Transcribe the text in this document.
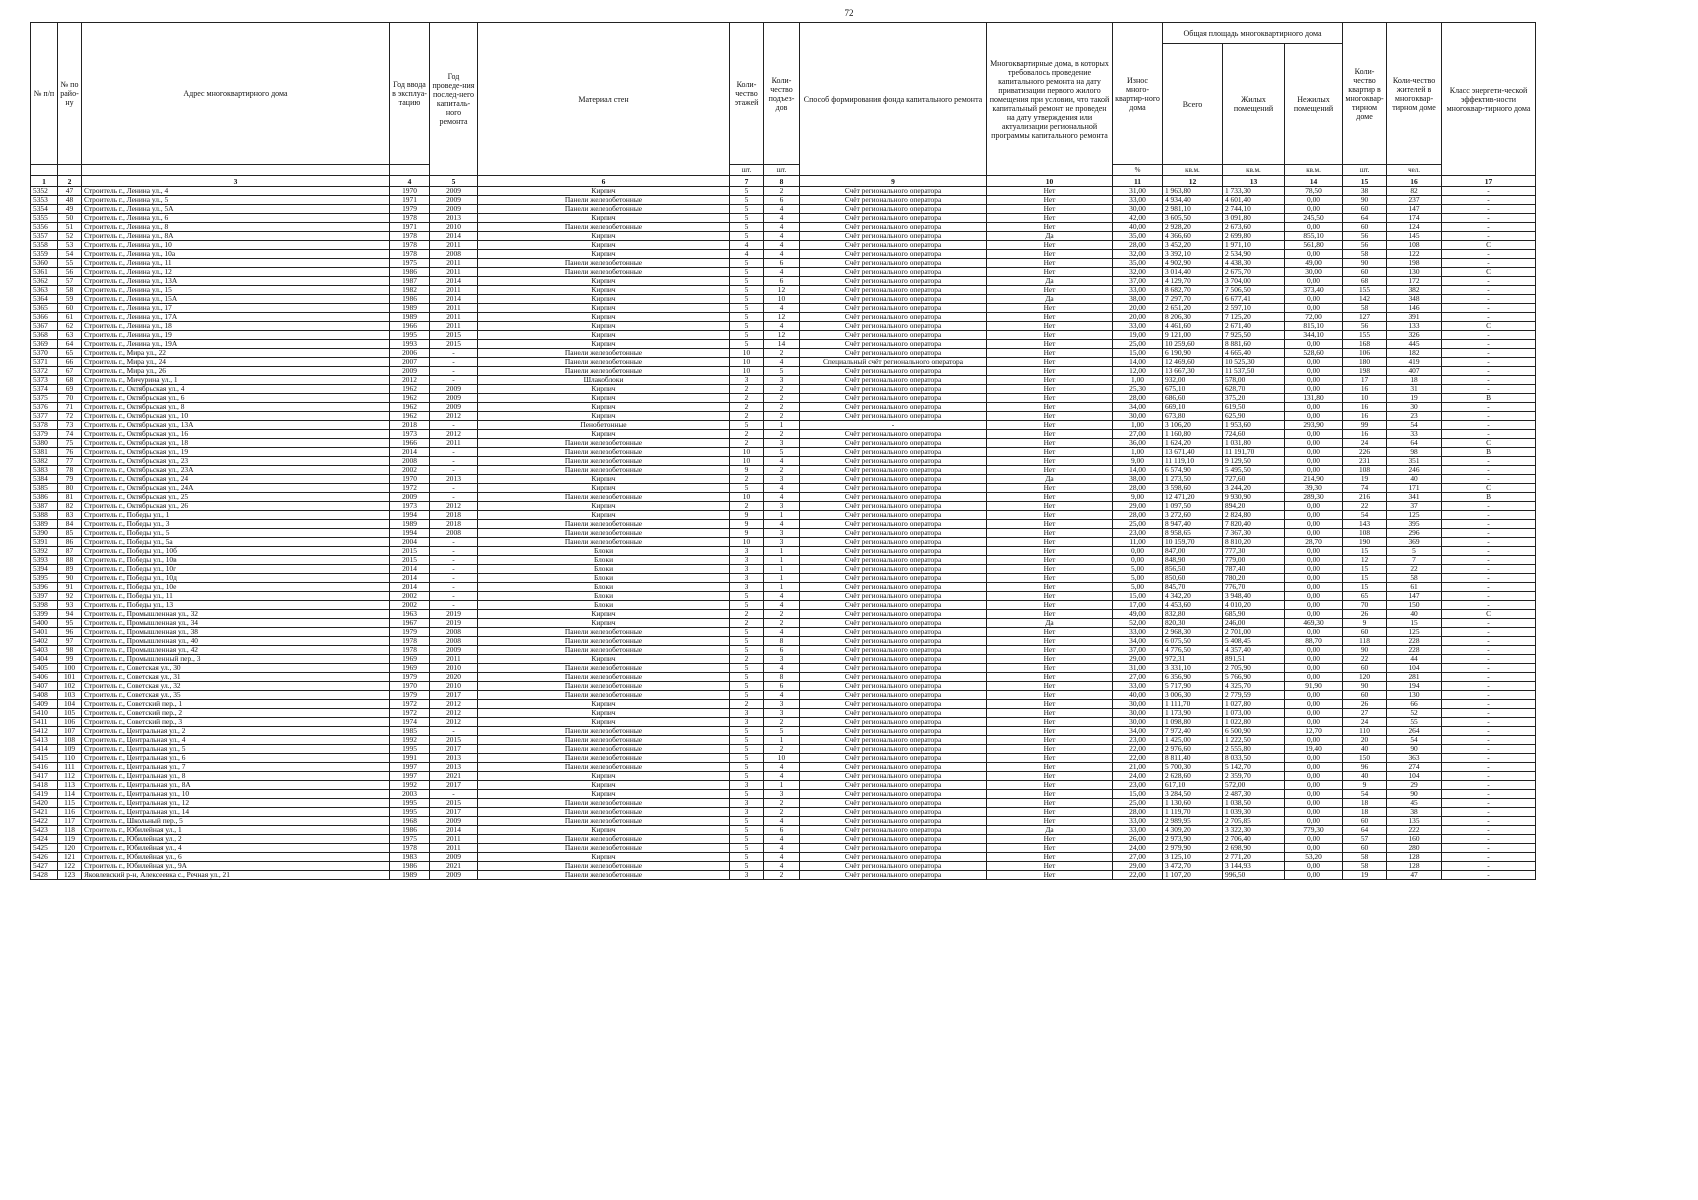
72
№ п/п	№ по райо-ну	Адрес многоквартирного дома	Год ввода в эксплуа-тацию	Год проведе-ния послед-него капиталь-ного ремонта	Материал стен	Коли-чество этажей	Коли-чество подъез-дов	Способ формирования фонда капитального ремонта	Многоквартирные дома, в которых требовалось проведение капитального ремонта на дату приватизации первого жилого помещения при условии, что такой капитальный ремонт не проведен на дату утверждения или актуализации региональной программы капитального ремонта	Износ много-квартир-ного дома	Общая площадь многоквартирного дома			Коли-чество квартир в многоквар-тирном доме	Коли-чество жителей в многоквар-тирном доме	Класс энергети-ческой эффектив-ности многоквар-тирного дома
											Всего	Жилых помещений	Нежилых помещений			
						шт.	шт.			%	кв.м.	кв.м.	кв.м.	шт.	чел.	
1	2	3	4	5	6	7	8	9	10	11	12	13	14	15	16	17
5352	47	Строитель г., Ленина ул., 4	1970	2009	Кирпич	5	2	Счёт регионального оператора	Нет	31,00	1 963,80	1 733,30	78,50	38	82	-
5353	48	Строитель г., Ленина ул., 5	1971	2009	Панели железобетонные	5	6	Счёт регионального оператора	Нет	33,00	4 934,40	4 601,40	0,00	90	237	-
5354	49	Строитель г., Ленина ул., 5А	1979	2009	Панели железобетонные	5	4	Счёт регионального оператора	Нет	30,00	2 981,10	2 744,10	0,00	60	147	-
5355	50	Строитель г., Ленина ул., 6	1978	2013	Кирпич	5	4	Счёт регионального оператора	Нет	42,00	3 605,50	3 091,80	245,50	64	174	-
5356	51	Строитель г., Ленина ул., 8	1971	2010	Панели железобетонные	5	4	Счёт регионального оператора	Нет	40,00	2 928,20	2 673,60	0,00	60	124	-
5357	52	Строитель г., Ленина ул., 8А	1978	2014	Кирпич	5	4	Счёт регионального оператора	Да	35,00	4 366,60	2 699,80	855,10	56	145	-
5358	53	Строитель г., Ленина ул., 10	1978	2011	Кирпич	4	4	Счёт регионального оператора	Нет	28,00	3 452,20	1 971,10	561,80	56	108	С
5359	54	Строитель г., Ленина ул., 10а	1978	2008	Кирпич	4	4	Счёт регионального оператора	Нет	32,00	3 392,10	2 534,90	0,00	58	122	-
5360	55	Строитель г., Ленина ул., 11	1975	2011	Панели железобетонные	5	6	Счёт регионального оператора	Нет	35,00	4 902,90	4 438,30	49,00	90	198	-
5361	56	Строитель г., Ленина ул., 12	1986	2011	Панели железобетонные	5	4	Счёт регионального оператора	Нет	32,00	3 014,40	2 675,70	30,00	60	130	С
5362	57	Строитель г., Ленина ул., 13А	1987	2014	Кирпич	5	6	Счёт регионального оператора	Да	37,00	4 129,70	3 704,00	0,00	68	172	-
5363	58	Строитель г., Ленина ул., 15	1982	2011	Кирпич	5	12	Счёт регионального оператора	Нет	33,00	8 682,70	7 506,50	373,40	155	382	-
5364	59	Строитель г., Ленина ул., 15А	1986	2014	Кирпич	5	10	Счёт регионального оператора	Да	38,00	7 297,70	6 677,41	0,00	142	348	-
5365	60	Строитель г., Ленина ул., 17	1989	2011	Кирпич	5	4	Счёт регионального оператора	Нет	20,00	2 651,20	2 597,10	0,00	58	146	-
5366	61	Строитель г., Ленина ул., 17А	1989	2011	Кирпич	5	12	Счёт регионального оператора	Нет	20,00	8 206,30	7 125,20	72,00	127	391	-
5367	62	Строитель г., Ленина ул., 18	1966	2011	Кирпич	5	4	Счёт регионального оператора	Нет	33,00	4 461,60	2 671,40	815,10	56	133	С
5368	63	Строитель г., Ленина ул., 19	1995	2015	Кирпич	5	12	Счёт регионального оператора	Нет	19,00	9 121,00	7 925,50	344,10	155	326	-
5369	64	Строитель г., Ленина ул., 19А	1993	2015	Кирпич	5	14	Счёт регионального оператора	Нет	25,00	10 259,60	8 881,60	0,00	168	445	-
5370	65	Строитель г., Мира ул., 22	2006	-	Панели железобетонные	10	2	Счёт регионального оператора	Нет	15,00	6 190,90	4 665,40	528,60	106	182	-
5371	66	Строитель г., Мира ул., 24	2007	-	Панели железобетонные	10	4	Специальный счёт регионального оператора	Нет	14,00	12 469,60	10 525,30	0,00	180	419	-
5372	67	Строитель г., Мира ул., 26	2009	-	Панели железобетонные	10	5	Счёт регионального оператора	Нет	12,00	13 667,30	11 537,50	0,00	198	407	-
5373	68	Строитель г., Мичурина ул., 1	2012	-	Шлакоблоки	3	3	Счёт регионального оператора	Нет	1,00	932,00	578,00	0,00	17	18	-
5374	69	Строитель г., Октябрьская ул., 4	1962	2009	Кирпич	2	2	Счёт регионального оператора	Нет	25,30	675,10	628,70	0,00	16	31	-
5375	70	Строитель г., Октябрьская ул., 6	1962	2009	Кирпич	2	2	Счёт регионального оператора	Нет	28,00	686,60	375,20	131,80	10	19	В
5376	71	Строитель г., Октябрьская ул., 8	1962	2009	Кирпич	2	2	Счёт регионального оператора	Нет	34,00	669,10	619,50	0,00	16	30	-
5377	72	Строитель г., Октябрьская ул., 10	1962	2012	Кирпич	2	2	Счёт регионального оператора	Нет	30,00	673,80	625,90	0,00	16	23	-
5378	73	Строитель г., Октябрьская ул., 13А	2018	-	Пенобетонные	5	1	-	Нет	1,00	3 106,20	1 953,60	293,90	99	54	-
5379	74	Строитель г., Октябрьская ул., 16	1973	2012	Кирпич	2	2	Счёт регионального оператора	Нет	27,00	1 160,80	724,60	0,00	16	33	-
5380	75	Строитель г., Октябрьская ул., 18	1966	2011	Панели железобетонные	2	3	Счёт регионального оператора	Нет	36,00	1 624,20	1 031,80	0,00	24	64	С
5381	76	Строитель г., Октябрьская ул., 19	2014	-	Панели железобетонные	10	5	Счёт регионального оператора	Нет	1,00	13 671,40	11 191,70	0,00	226	98	В
5382	77	Строитель г., Октябрьская ул., 23	2008	-	Панели железобетонные	10	4	Счёт регионального оператора	Нет	9,00	11 119,10	9 129,50	0,00	231	351	-
5383	78	Строитель г., Октябрьская ул., 23А	2002	-	Панели железобетонные	9	2	Счёт регионального оператора	Нет	14,00	6 574,90	5 495,50	0,00	108	246	-
5384	79	Строитель г., Октябрьская ул., 24	1970	2013	Кирпич	2	3	Счёт регионального оператора	Да	38,00	1 273,50	727,60	214,90	19	40	-
5385	80	Строитель г., Октябрьская ул., 24А	1972	-	Кирпич	5	4	Счёт регионального оператора	Нет	28,00	3 598,60	3 244,20	39,30	74	171	С
5386	81	Строитель г., Октябрьская ул., 25	2009	-	Панели железобетонные	10	4	Счёт регионального оператора	Нет	9,00	12 471,20	9 930,90	289,30	216	341	В
5387	82	Строитель г., Октябрьская ул., 26	1973	2012	Кирпич	2	3	Счёт регионального оператора	Нет	29,00	1 097,50	894,20	0,00	22	37	-
5388	83	Строитель г., Победы ул., 1	1994	2018	Кирпич	9	1	Счёт регионального оператора	Нет	28,00	3 272,60	2 824,80	0,00	54	125	-
5389	84	Строитель г., Победы ул., 3	1989	2018	Панели железобетонные	9	4	Счёт регионального оператора	Нет	25,00	8 947,40	7 820,40	0,00	143	395	-
5390	85	Строитель г., Победы ул., 5	1994	2008	Панели железобетонные	9	3	Счёт регионального оператора	Нет	23,00	8 958,65	7 367,30	0,00	108	296	-
5391	86	Строитель г., Победы ул., 5а	2004	-	Панели железобетонные	10	3	Счёт регионального оператора	Нет	11,00	10 159,70	8 810,20	28,70	190	369	-
5392	87	Строитель г., Победы ул., 10б	2015	-	Блоки	3	1	Счёт регионального оператора	Нет	0,00	847,00	777,30	0,00	15	5	-
5393	88	Строитель г., Победы ул., 10в	2015	-	Блоки	3	1	Счёт регионального оператора	Нет	0,00	848,90	779,00	0,00	12	7	-
5394	89	Строитель г., Победы ул., 10г	2014	-	Блоки	3	1	Счёт регионального оператора	Нет	5,00	856,50	787,40	0,00	15	22	-
5395	90	Строитель г., Победы ул., 10д	2014	-	Блоки	3	1	Счёт регионального оператора	Нет	5,00	850,60	780,20	0,00	15	58	-
5396	91	Строитель г., Победы ул., 10е	2014	-	Блоки	3	1	Счёт регионального оператора	Нет	5,00	845,70	776,70	0,00	15	61	-
5397	92	Строитель г., Победы ул., 11	2002	-	Блоки	5	4	Счёт регионального оператора	Нет	15,00	4 342,20	3 948,40	0,00	65	147	-
5398	93	Строитель г., Победы ул., 13	2002	-	Блоки	5	4	Счёт регионального оператора	Нет	17,00	4 453,60	4 010,20	0,00	70	150	-
5399	94	Строитель г., Промышленная ул., 32	1963	2019	Кирпич	2	2	Счёт регионального оператора	Нет	49,00	832,80	685,90	0,00	26	40	С
5400	95	Строитель г., Промышленная ул., 34	1967	2019	Кирпич	2	2	Счёт регионального оператора	Да	52,00	820,30	246,00	469,30	9	15	-
5401	96	Строитель г., Промышленная ул., 38	1979	2008	Панели железобетонные	5	4	Счёт регионального оператора	Нет	33,00	2 968,30	2 701,00	0,00	60	125	-
5402	97	Строитель г., Промышленная ул., 40	1978	2008	Панели железобетонные	5	8	Счёт регионального оператора	Нет	34,00	6 075,50	5 408,45	88,70	118	228	-
5403	98	Строитель г., Промышленная ул., 42	1978	2009	Панели железобетонные	5	6	Счёт регионального оператора	Нет	37,00	4 776,50	4 357,40	0,00	90	228	-
5404	99	Строитель г., Промышленный пер., 3	1969	2011	Кирпич	2	3	Счёт регионального оператора	Нет	29,00	972,31	891,51	0,00	22	44	-
5405	100	Строитель г., Советская ул., 30	1969	2010	Панели железобетонные	5	4	Счёт регионального оператора	Нет	31,00	3 331,10	2 705,90	0,00	60	104	-
5406	101	Строитель г., Советская ул., 31	1979	2020	Панели железобетонные	5	8	Счёт регионального оператора	Нет	27,00	6 356,90	5 766,90	0,00	120	281	-
5407	102	Строитель г., Советская ул., 32	1970	2010	Панели железобетонные	5	6	Счёт регионального оператора	Нет	33,00	5 717,90	4 325,70	91,90	90	194	-
5408	103	Строитель г., Советская ул., 35	1979	2017	Панели железобетонные	5	4	Счёт регионального оператора	Нет	40,00	3 006,30	2 779,59	0,00	60	130	-
5409	104	Строитель г., Советский пер., 1	1972	2012	Кирпич	2	3	Счёт регионального оператора	Нет	30,00	1 111,70	1 027,80	0,00	26	66	-
5410	105	Строитель г., Советский пер., 2	1972	2012	Кирпич	3	3	Счёт регионального оператора	Нет	30,00	1 173,90	1 073,00	0,00	27	52	-
5411	106	Строитель г., Советский пер., 3	1974	2012	Кирпич	3	2	Счёт регионального оператора	Нет	30,00	1 098,80	1 022,80	0,00	24	55	-
5412	107	Строитель г., Центральная ул., 2	1985	-	Панели железобетонные	5	5	Счёт регионального оператора	Нет	34,00	7 972,40	6 500,90	12,70	110	264	-
5413	108	Строитель г., Центральная ул., 4	1992	2015	Панели железобетонные	5	1	Счёт регионального оператора	Нет	23,00	1 425,00	1 222,50	0,00	20	54	-
5414	109	Строитель г., Центральная ул., 5	1995	2017	Панели железобетонные	5	2	Счёт регионального оператора	Нет	22,00	2 976,60	2 555,80	19,40	40	90	-
5415	110	Строитель г., Центральная ул., 6	1991	2013	Панели железобетонные	5	10	Счёт регионального оператора	Нет	22,00	8 811,40	8 033,50	0,00	150	363	-
5416	111	Строитель г., Центральная ул., 7	1997	2013	Панели железобетонные	5	4	Счёт регионального оператора	Нет	21,00	5 700,30	5 142,70	0,00	96	274	-
5417	112	Строитель г., Центральная ул., 8	1997	2021	Кирпич	5	4	Счёт регионального оператора	Нет	24,00	2 628,60	2 359,70	0,00	40	104	-
5418	113	Строитель г., Центральная ул., 8А	1992	2017	Кирпич	3	1	Счёт регионального оператора	Нет	23,00	617,10	572,00	0,00	9	29	-
5419	114	Строитель г., Центральная ул., 10	2003	-	Кирпич	5	3	Счёт регионального оператора	Нет	15,00	3 284,50	2 487,30	0,00	54	90	-
5420	115	Строитель г., Центральная ул., 12	1995	2015	Панели железобетонные	3	2	Счёт регионального оператора	Нет	25,00	1 130,60	1 038,50	0,00	18	45	-
5421	116	Строитель г., Центральная ул., 14	1995	2017	Панели железобетонные	3	2	Счёт регионального оператора	Нет	28,00	1 119,70	1 039,30	0,00	18	38	-
5422	117	Строитель г., Школьный пер., 5	1968	2009	Панели железобетонные	5	4	Счёт регионального оператора	Нет	33,00	2 989,95	2 705,85	0,00	60	135	-
5423	118	Строитель г., Юбилейная ул., 1	1986	2014	Кирпич	5	6	Счёт регионального оператора	Да	33,00	4 309,20	3 322,30	779,30	64	222	-
5424	119	Строитель г., Юбилейная ул., 2	1975	2011	Панели железобетонные	5	4	Счёт регионального оператора	Нет	26,00	2 973,90	2 706,40	0,00	57	160	-
5425	120	Строитель г., Юбилейная ул., 4	1978	2011	Панели железобетонные	5	4	Счёт регионального оператора	Нет	24,00	2 979,90	2 698,90	0,00	60	280	-
5426	121	Строитель г., Юбилейная ул., 6	1983	2009	Кирпич	5	4	Счёт регионального оператора	Нет	27,00	3 125,10	2 771,20	53,20	58	128	-
5427	122	Строитель г., Юбилейная ул., 9А	1986	2021	Панели железобетонные	5	4	Счёт регионального оператора	Нет	29,00	3 472,70	3 144,93	0,00	58	128	-
5428	123	Яковлевский р-н, Алексеевка с., Речная ул., 21	1989	2009	Панели железобетонные	3	2	Счёт регионального оператора	Нет	22,00	1 107,20	996,50	0,00	19	47	-
